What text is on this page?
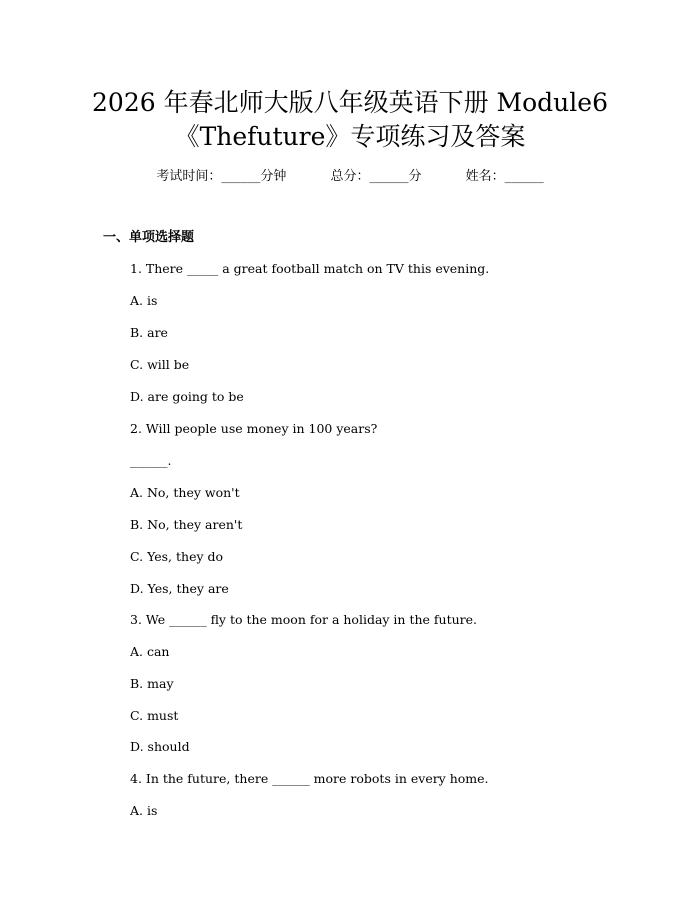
2026 年春北师大版八年级英语下册 Module6
《Thefuture》专项练习及答案
考试时间：______分钟	总分：______分	姓名：______
一、单项选择题
1. There _____ a great football match on TV this evening.
A. is
B. are
C. will be
D. are going to be
2. Will people use money in 100 years?
______.
A. No, they won't
B. No, they aren't
C. Yes, they do
D. Yes, they are
3. We ______ fly to the moon for a holiday in the future.
A. can
B. may
C. must
D. should
4. In the future, there ______ more robots in every home.
A. is
